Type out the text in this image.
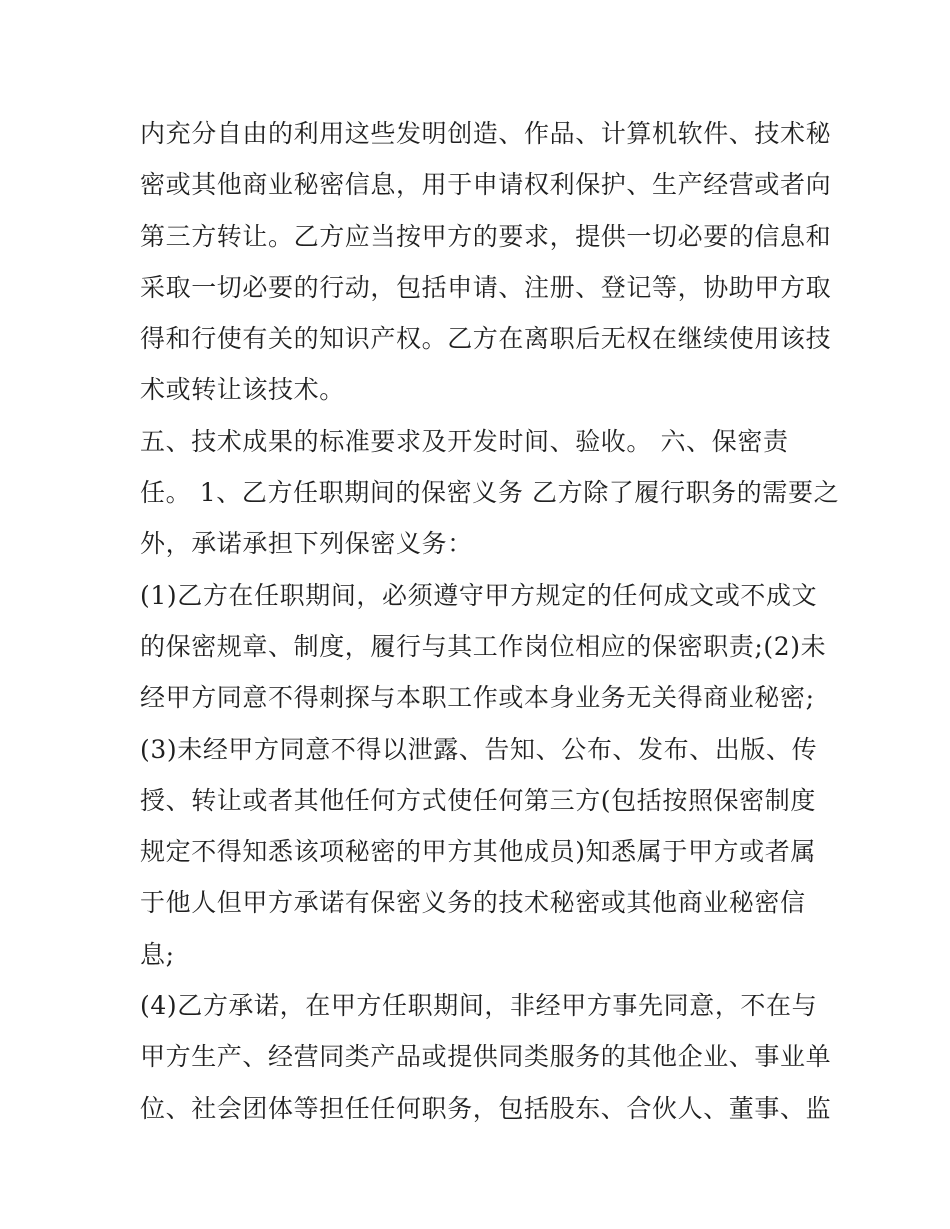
内充分自由的利用这些发明创造、作品、计算机软件、技术秘
密或其他商业秘密信息，用于申请权利保护、生产经营或者向
第三方转让。乙方应当按甲方的要求，提供一切必要的信息和
采取一切必要的行动，包括申请、注册、登记等，协助甲方取
得和行使有关的知识产权。乙方在离职后无权在继续使用该技
术或转让该技术。
五、技术成果的标准要求及开发时间、验收。 六、保密责
任。 1、乙方任职期间的保密义务 乙方除了履行职务的需要之
外，承诺承担下列保密义务：
(1)乙方在任职期间，必须遵守甲方规定的任何成文或不成文
的保密规章、制度，履行与其工作岗位相应的保密职责;(2)未
经甲方同意不得刺探与本职工作或本身业务无关得商业秘密;
(3)未经甲方同意不得以泄露、告知、公布、发布、出版、传
授、转让或者其他任何方式使任何第三方(包括按照保密制度
规定不得知悉该项秘密的甲方其他成员)知悉属于甲方或者属
于他人但甲方承诺有保密义务的技术秘密或其他商业秘密信
息;
(4)乙方承诺，在甲方任职期间，非经甲方事先同意，不在与
甲方生产、经营同类产品或提供同类服务的其他企业、事业单
位、社会团体等担任任何职务，包括股东、合伙人、董事、监
